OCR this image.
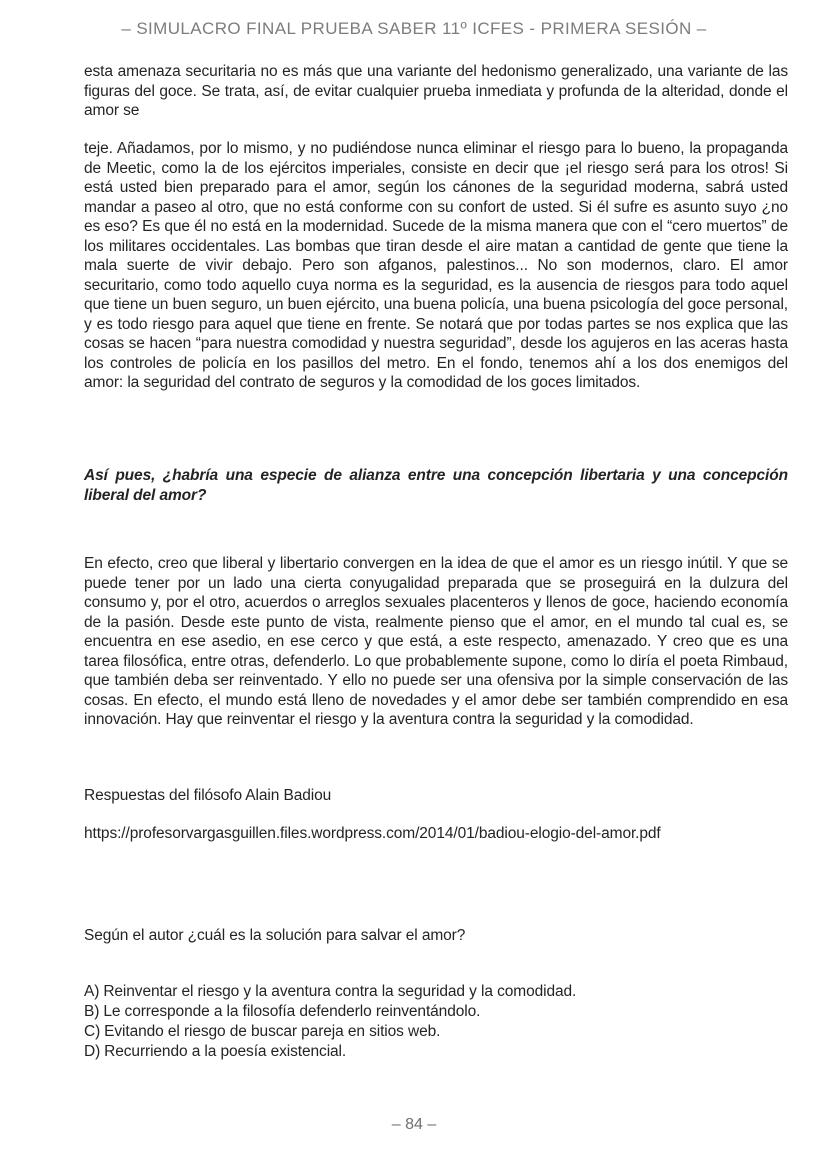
– SIMULACRO FINAL PRUEBA SABER 11º ICFES - PRIMERA SESIÓN –
esta amenaza securitaria no es más que una variante del hedonismo generalizado, una variante de las figuras del goce. Se trata, así, de evitar cualquier prueba inmediata y profunda de la alteridad, donde el amor se
teje. Añadamos, por lo mismo, y no pudiéndose nunca eliminar el riesgo para lo bueno, la propaganda de Meetic, como la de los ejércitos imperiales, consiste en decir que ¡el riesgo será para los otros! Si está usted bien preparado para el amor, según los cánones de la seguridad moderna, sabrá usted mandar a paseo al otro, que no está conforme con su confort de usted. Si él sufre es asunto suyo ¿no es eso? Es que él no está en la modernidad. Sucede de la misma manera que con el “cero muertos” de los militares occidentales. Las bombas que tiran desde el aire matan a cantidad de gente que tiene la mala suerte de vivir debajo. Pero son afganos, palestinos... No son modernos, claro. El amor securitario, como todo aquello cuya norma es la seguridad, es la ausencia de riesgos para todo aquel que tiene un buen seguro, un buen ejército, una buena policía, una buena psicología del goce personal, y es todo riesgo para aquel que tiene en frente. Se notará que por todas partes se nos explica que las cosas se hacen “para nuestra comodidad y nuestra seguridad”, desde los agujeros en las aceras hasta los controles de policía en los pasillos del metro. En el fondo, tenemos ahí a los dos enemigos del amor: la seguridad del contrato de seguros y la comodidad de los goces limitados.
Así pues, ¿habría una especie de alianza entre una concepción libertaria y una concepción liberal del amor?
En efecto, creo que liberal y libertario convergen en la idea de que el amor es un riesgo inútil. Y que se puede tener por un lado una cierta conyugalidad preparada que se proseguirá en la dulzura del consumo y, por el otro, acuerdos o arreglos sexuales placenteros y llenos de goce, haciendo economía de la pasión. Desde este punto de vista, realmente pienso que el amor, en el mundo tal cual es, se encuentra en ese asedio, en ese cerco y que está, a este respecto, amenazado. Y creo que es una tarea filosófica, entre otras, defenderlo. Lo que probablemente supone, como lo diría el poeta Rimbaud, que también deba ser reinventado. Y ello no puede ser una ofensiva por la simple conservación de las cosas. En efecto, el mundo está lleno de novedades y el amor debe ser también comprendido en esa innovación. Hay que reinventar el riesgo y la aventura contra la seguridad y la comodidad.
Respuestas del filósofo Alain Badiou
https://profesorvargasguillen.files.wordpress.com/2014/01/badiou-elogio-del-amor.pdf
Según el autor ¿cuál es la solución para salvar el amor?
A) Reinventar el riesgo y la aventura contra la seguridad y la comodidad.
B) Le corresponde a la filosofía defenderlo reinventándolo.
C) Evitando el riesgo de buscar pareja en sitios web.
D) Recurriendo a la poesía existencial.
– 84 –
